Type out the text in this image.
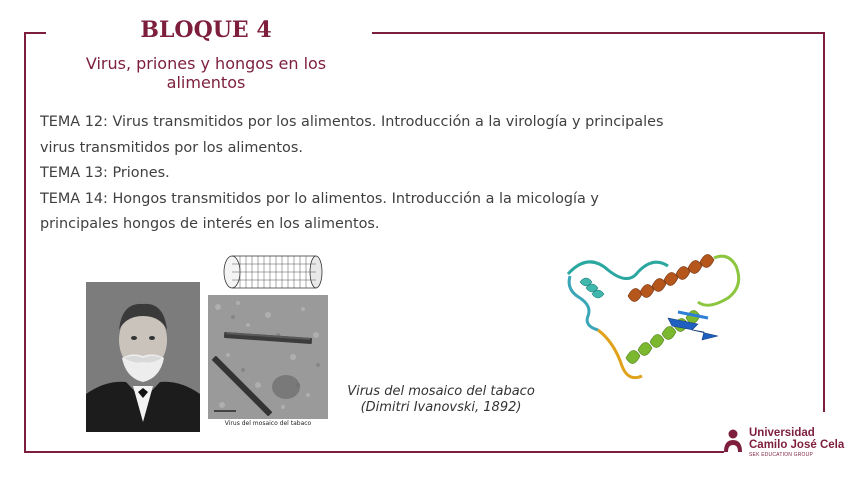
BLOQUE 4
Virus, priones y hongos en los alimentos

TEMA 12: Virus transmitidos por los alimentos. Introducción a la virología y principales virus transmitidos por los alimentos.

TEMA 13: Priones.

TEMA 14: Hongos transmitidos por lo alimentos. Introducción a la micología y principales hongos de interés en los alimentos.

Virus del mosaico del tabaco
Virus del mosaico del tabaco
(Dimitri Ivanovski, 1892)
Universidad
Camilo José Cela
SEK EDUCATION GROUP
